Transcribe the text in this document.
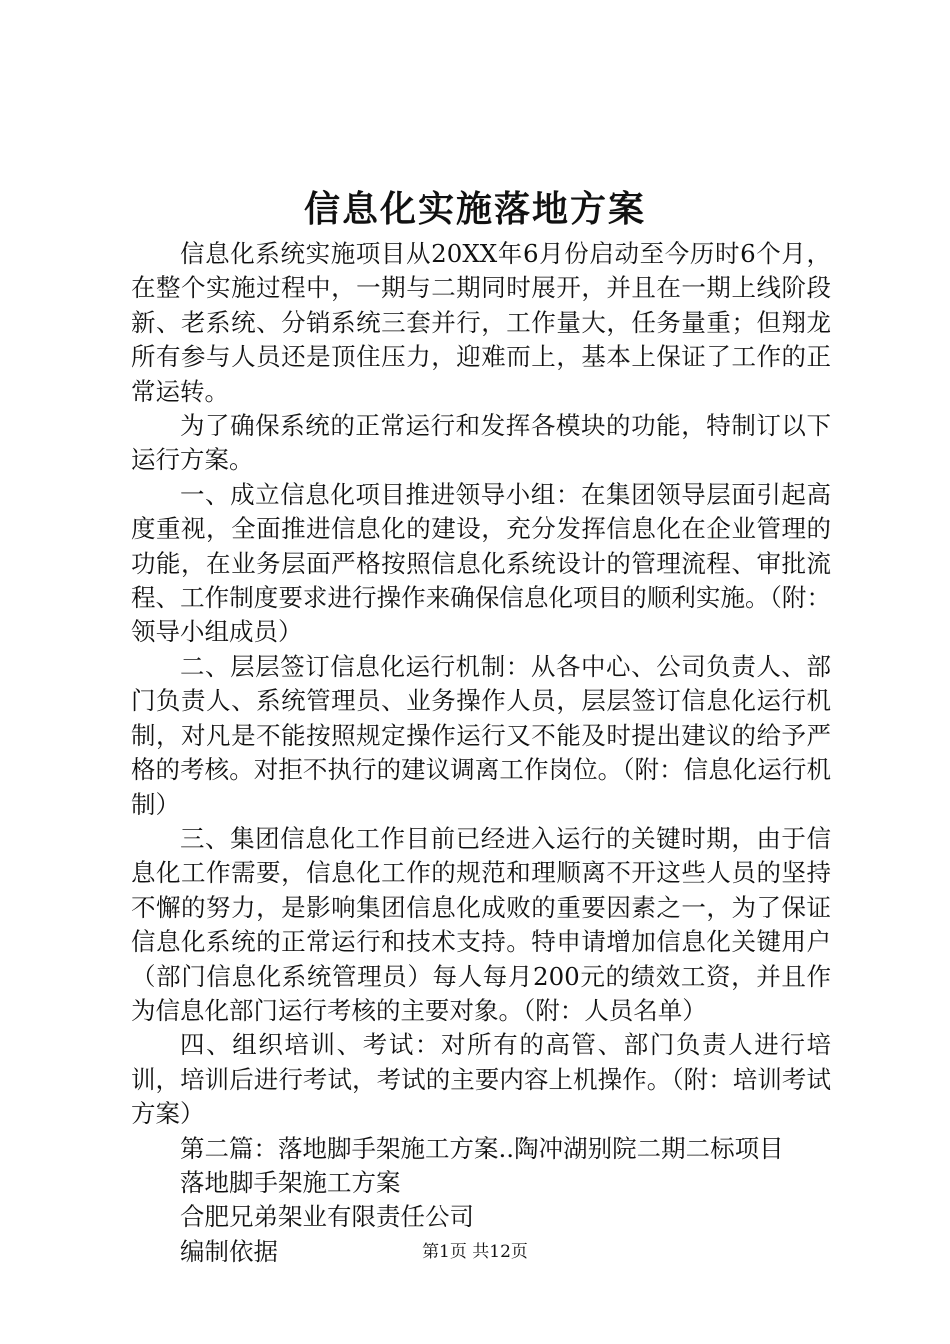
信息化实施落地方案

信息化系统实施项目从20XX年6月份启动至今历时6个月，在整个实施过程中，一期与二期同时展开，并且在一期上线阶段新、老系统、分销系统三套并行，工作量大，任务量重；但翔龙所有参与人员还是顶住压力，迎难而上，基本上保证了工作的正常运转。

为了确保系统的正常运行和发挥各模块的功能，特制订以下运行方案。

一、成立信息化项目推进领导小组：在集团领导层面引起高度重视，全面推进信息化的建设，充分发挥信息化在企业管理的功能，在业务层面严格按照信息化系统设计的管理流程、审批流程、工作制度要求进行操作来确保信息化项目的顺利实施。（附：领导小组成员）

二、层层签订信息化运行机制：从各中心、公司负责人、部门负责人、系统管理员、业务操作人员，层层签订信息化运行机制，对凡是不能按照规定操作运行又不能及时提出建议的给予严格的考核。对拒不执行的建议调离工作岗位。（附：信息化运行机制）

三、集团信息化工作目前已经进入运行的关键时期，由于信息化工作需要，信息化工作的规范和理顺离不开这些人员的坚持不懈的努力，是影响集团信息化成败的重要因素之一，为了保证信息化系统的正常运行和技术支持。特申请增加信息化关键用户（部门信息化系统管理员）每人每月200元的绩效工资，并且作为信息化部门运行考核的主要对象。（附：人员名单）

四、组织培训、考试：对所有的高管、部门负责人进行培训，培训后进行考试，考试的主要内容上机操作。（附：培训考试方案）

第二篇：落地脚手架施工方案..陶冲湖别院二期二标项目

落地脚手架施工方案

合肥兄弟架业有限责任公司

编制依据	第1页 共12页
